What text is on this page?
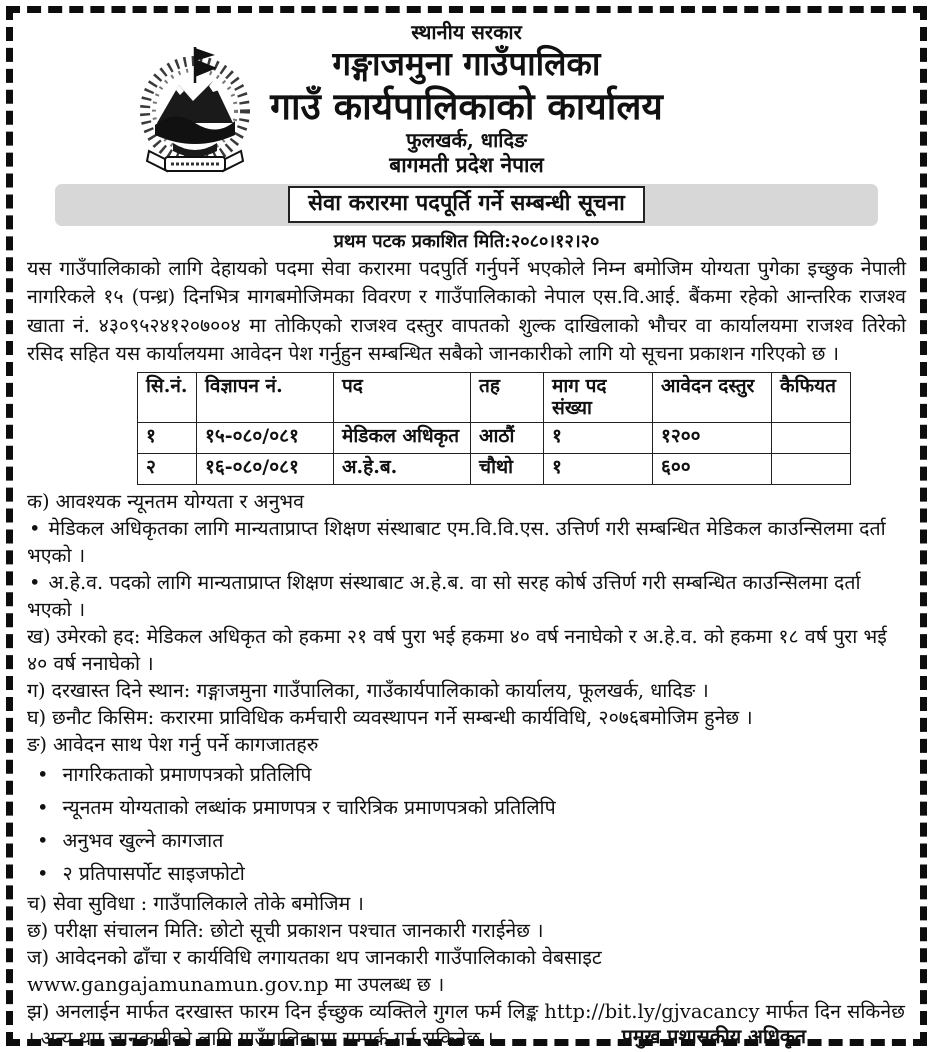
स्थानीय सरकार
गङ्गाजमुना गाउँपालिका
गाउँ कार्यपालिकाको कार्यालय
फुलखर्क, धादिङ
बागमती प्रदेश नेपाल
सेवा करारमा पदपूर्ति गर्ने सम्बन्धी सूचना
प्रथम पटक प्रकाशित मिति:२०८०।१२।२०
यस गाउँपालिकाको लागि देहायको पदमा सेवा करारमा पदपुर्ति गर्नुपर्ने भएकोले निम्न बमोजिम योग्यता पुगेका इच्छुक नेपाली नागरिकले १५ (पन्ध्र) दिनभित्र मागबमोजिमका विवरण र गाउँपालिकाको नेपाल एस.वि.आई. बैंकमा रहेको आन्तरिक राजश्व खाता नं. ४३०९५२४१२०७००४ मा तोकिएको राजश्व दस्तुर वापतको शुल्क दाखिलाको भौचर वा कार्यालयमा राजश्व तिरेको रसिद सहित यस कार्यालयमा आवेदन पेश गर्नुहुन सम्बन्धित सबैको जानकारीको लागि यो सूचना प्रकाशन गरिएको छ ।
सि.नं.	विज्ञापन नं.	पद	तह	माग पद संख्या	आवेदन दस्तुर	कैफियत
१	१५-०८०/०८१	मेडिकल अधिकृत	आठौं	१	१२००	
२	१६-०८०/०८१	अ.हे.ब.	चौथो	१	६००	
क) आवश्यक न्यूनतम योग्यता र अनुभव
• मेडिकल अधिकृतका लागि मान्यताप्राप्त शिक्षण संस्थाबाट एम.वि.वि.एस. उत्तिर्ण गरी सम्बन्धित मेडिकल काउन्सिलमा दर्ता भएको ।
• अ.हे.व. पदको लागि मान्यताप्राप्त शिक्षण संस्थाबाट अ.हे.ब. वा सो सरह कोर्ष उत्तिर्ण गरी सम्बन्धित काउन्सिलमा दर्ता भएको ।
ख) उमेरको हद: मेडिकल अधिकृत को हकमा २१ वर्ष पुरा भई हकमा ४० वर्ष ननाघेको र अ.हे.व. को हकमा १८ वर्ष पुरा भई ४० वर्ष ननाघेको ।
ग) दरखास्त दिने स्थान: गङ्गाजमुना गाउँपालिका, गाउँकार्यपालिकाको कार्यालय, फूलखर्क, धादिङ ।
घ) छनौट किसिम: करारमा प्राविधिक कर्मचारी व्यवस्थापन गर्ने सम्बन्धी कार्यविधि, २०७६बमोजिम हुनेछ ।
ङ) आवेदन साथ पेश गर्नु पर्ने कागजातहरु
• नागरिकताको प्रमाणपत्रको प्रतिलिपि
• न्यूनतम योग्यताको लब्धांक प्रमाणपत्र र चारित्रिक प्रमाणपत्रको प्रतिलिपि
• अनुभव खुल्ने कागजात
• २ प्रतिपासर्पोट साइजफोटो
च) सेवा सुविधा : गाउँपालिकाले तोके बमोजिम ।
छ) परीक्षा संचालन मिति: छोटो सूची प्रकाशन पश्चात जानकारी गराईनेछ ।
ज) आवेदनको ढाँचा र कार्यविधि लगायतका थप जानकारी गाउँपालिकाको वेबसाइट www.gangajamunamun.gov.np मा उपलब्ध छ ।
झ) अनलाईन मार्फत दरखास्त फारम दिन ईच्छुक व्यक्तिले गुगल फर्म लिङ्क http://bit.ly/gjvacancy मार्फत दिन सकिनेछ । अन्य थप जानकारीको लागि गाउँपालिकामा सम्पर्क गर्न सकिनेछ ।	प्रमुख प्रशासकीय अधिकृत
